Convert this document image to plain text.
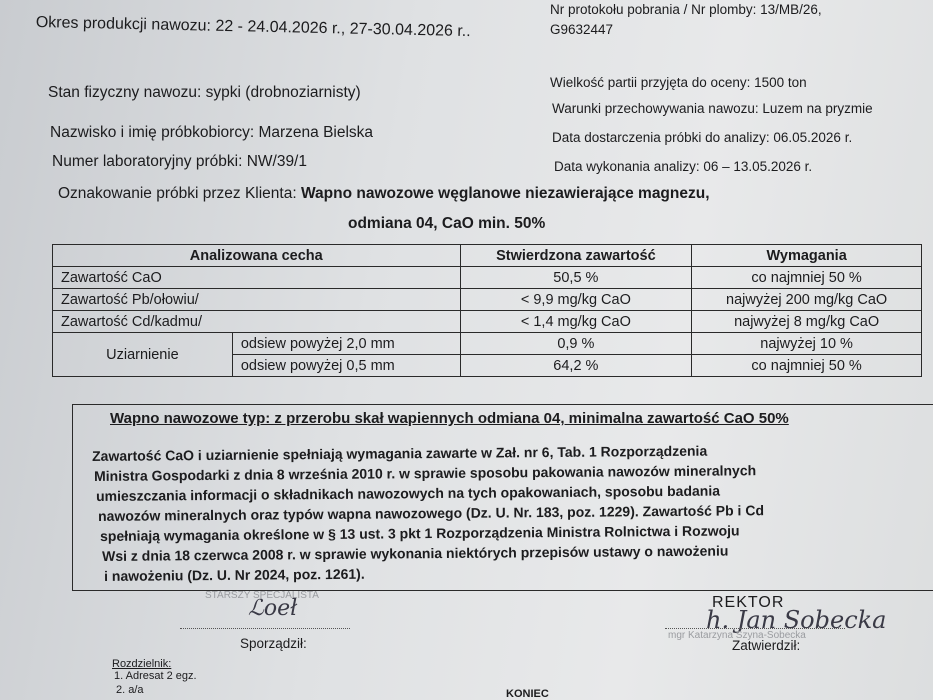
Okres produkcji nawozu: 22 - 24.04.2026 r., 27-30.04.2026 r..
Nr protokołu pobrania / Nr plomby: 13/MB/26,
G9632447
Stan fizyczny nawozu: sypki (drobnoziarnisty)
Nazwisko i imię próbkobiorcy: Marzena Bielska
Numer laboratoryjny próbki: NW/39/1
Wielkość partii przyjęta do oceny: 1500 ton
Warunki przechowywania nawozu: Luzem na pryzmie
Data dostarczenia próbki do analizy: 06.05.2026 r.
Data wykonania analizy: 06 – 13.05.2026 r.
Oznakowanie próbki przez Klienta: Wapno nawozowe węglanowe niezawierające magnezu,
odmiana 04, CaO min. 50%
Analizowana cecha		Stwierdzona zawartość	Wymagania
Zawartość CaO		50,5 %	co najmniej 50 %
Zawartość Pb/ołowiu/		< 9,9 mg/kg CaO	najwyżej 200 mg/kg CaO
Zawartość Cd/kadmu/		< 1,4 mg/kg CaO	najwyżej 8 mg/kg CaO
Uziarnienie	odsiew powyżej 2,0 mm	0,9 %	najwyżej 10 %
	odsiew powyżej 0,5 mm	64,2 %	co najmniej 50 %
Wapno nawozowe typ: z przerobu skał wapiennych odmiana 04, minimalna zawartość CaO 50%
Zawartość CaO i uziarnienie spełniają wymagania zawarte w Zał. nr 6, Tab. 1 Rozporządzenia
Ministra Gospodarki z dnia 8 września 2010 r. w sprawie sposobu pakowania nawozów mineralnych
umieszczania informacji o składnikach nawozowych na tych opakowaniach, sposobu badania
nawozów mineralnych oraz typów wapna nawozowego (Dz. U. Nr. 183, poz. 1229). Zawartość Pb i Cd
spełniają wymagania określone w § 13 ust. 3 pkt 1 Rozporządzenia Ministra Rolnictwa i Rozwoju
Wsi z dnia 18 czerwca 2008 r. w sprawie wykonania niektórych przepisów ustawy o nawożeniu
i nawożeniu (Dz. U. Nr 2024, poz. 1261).
STARSZY SPECJALISTA
ℒoeł
Sporządził:
REKTOR
h. Jan Sobecka
mgr Katarzyna Szyna-Sobecka
Zatwierdził:
Rozdzielnik:
1. Adresat 2 egz.
2. a/a	KONIEC
